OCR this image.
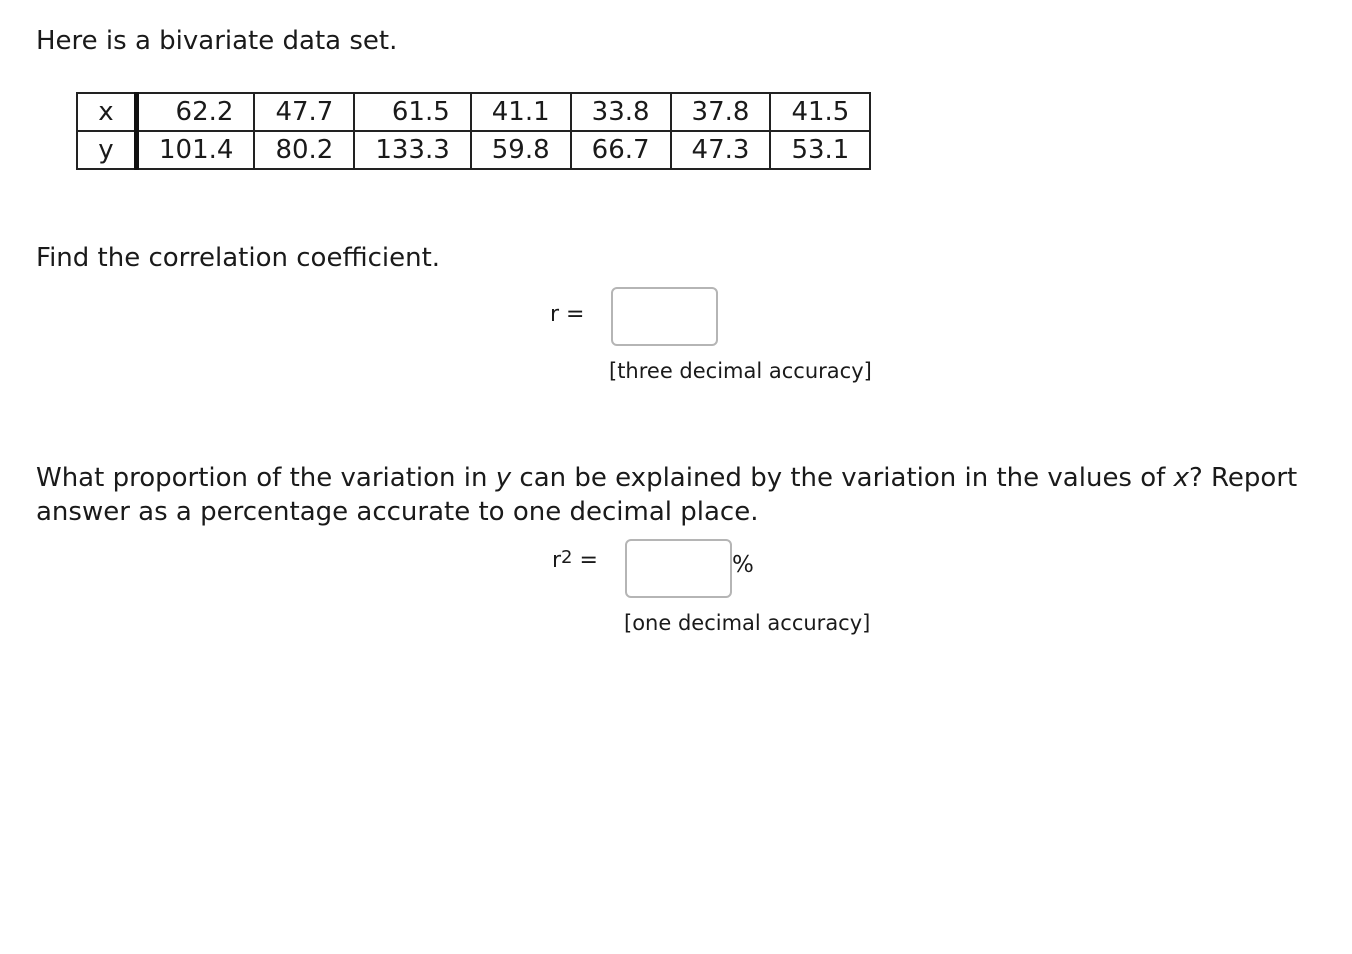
Here is a bivariate data set.
x	62.2	47.7	61.5	41.1	33.8	37.8	41.5
y	101.4	80.2	133.3	59.8	66.7	47.3	53.1
Find the correlation coefficient.
r =
[three decimal accuracy]
What proportion of the variation in y can be explained by the variation in the values of x? Report answer as a percentage accurate to one decimal place.
$r^2$ =	%
[one decimal accuracy]
